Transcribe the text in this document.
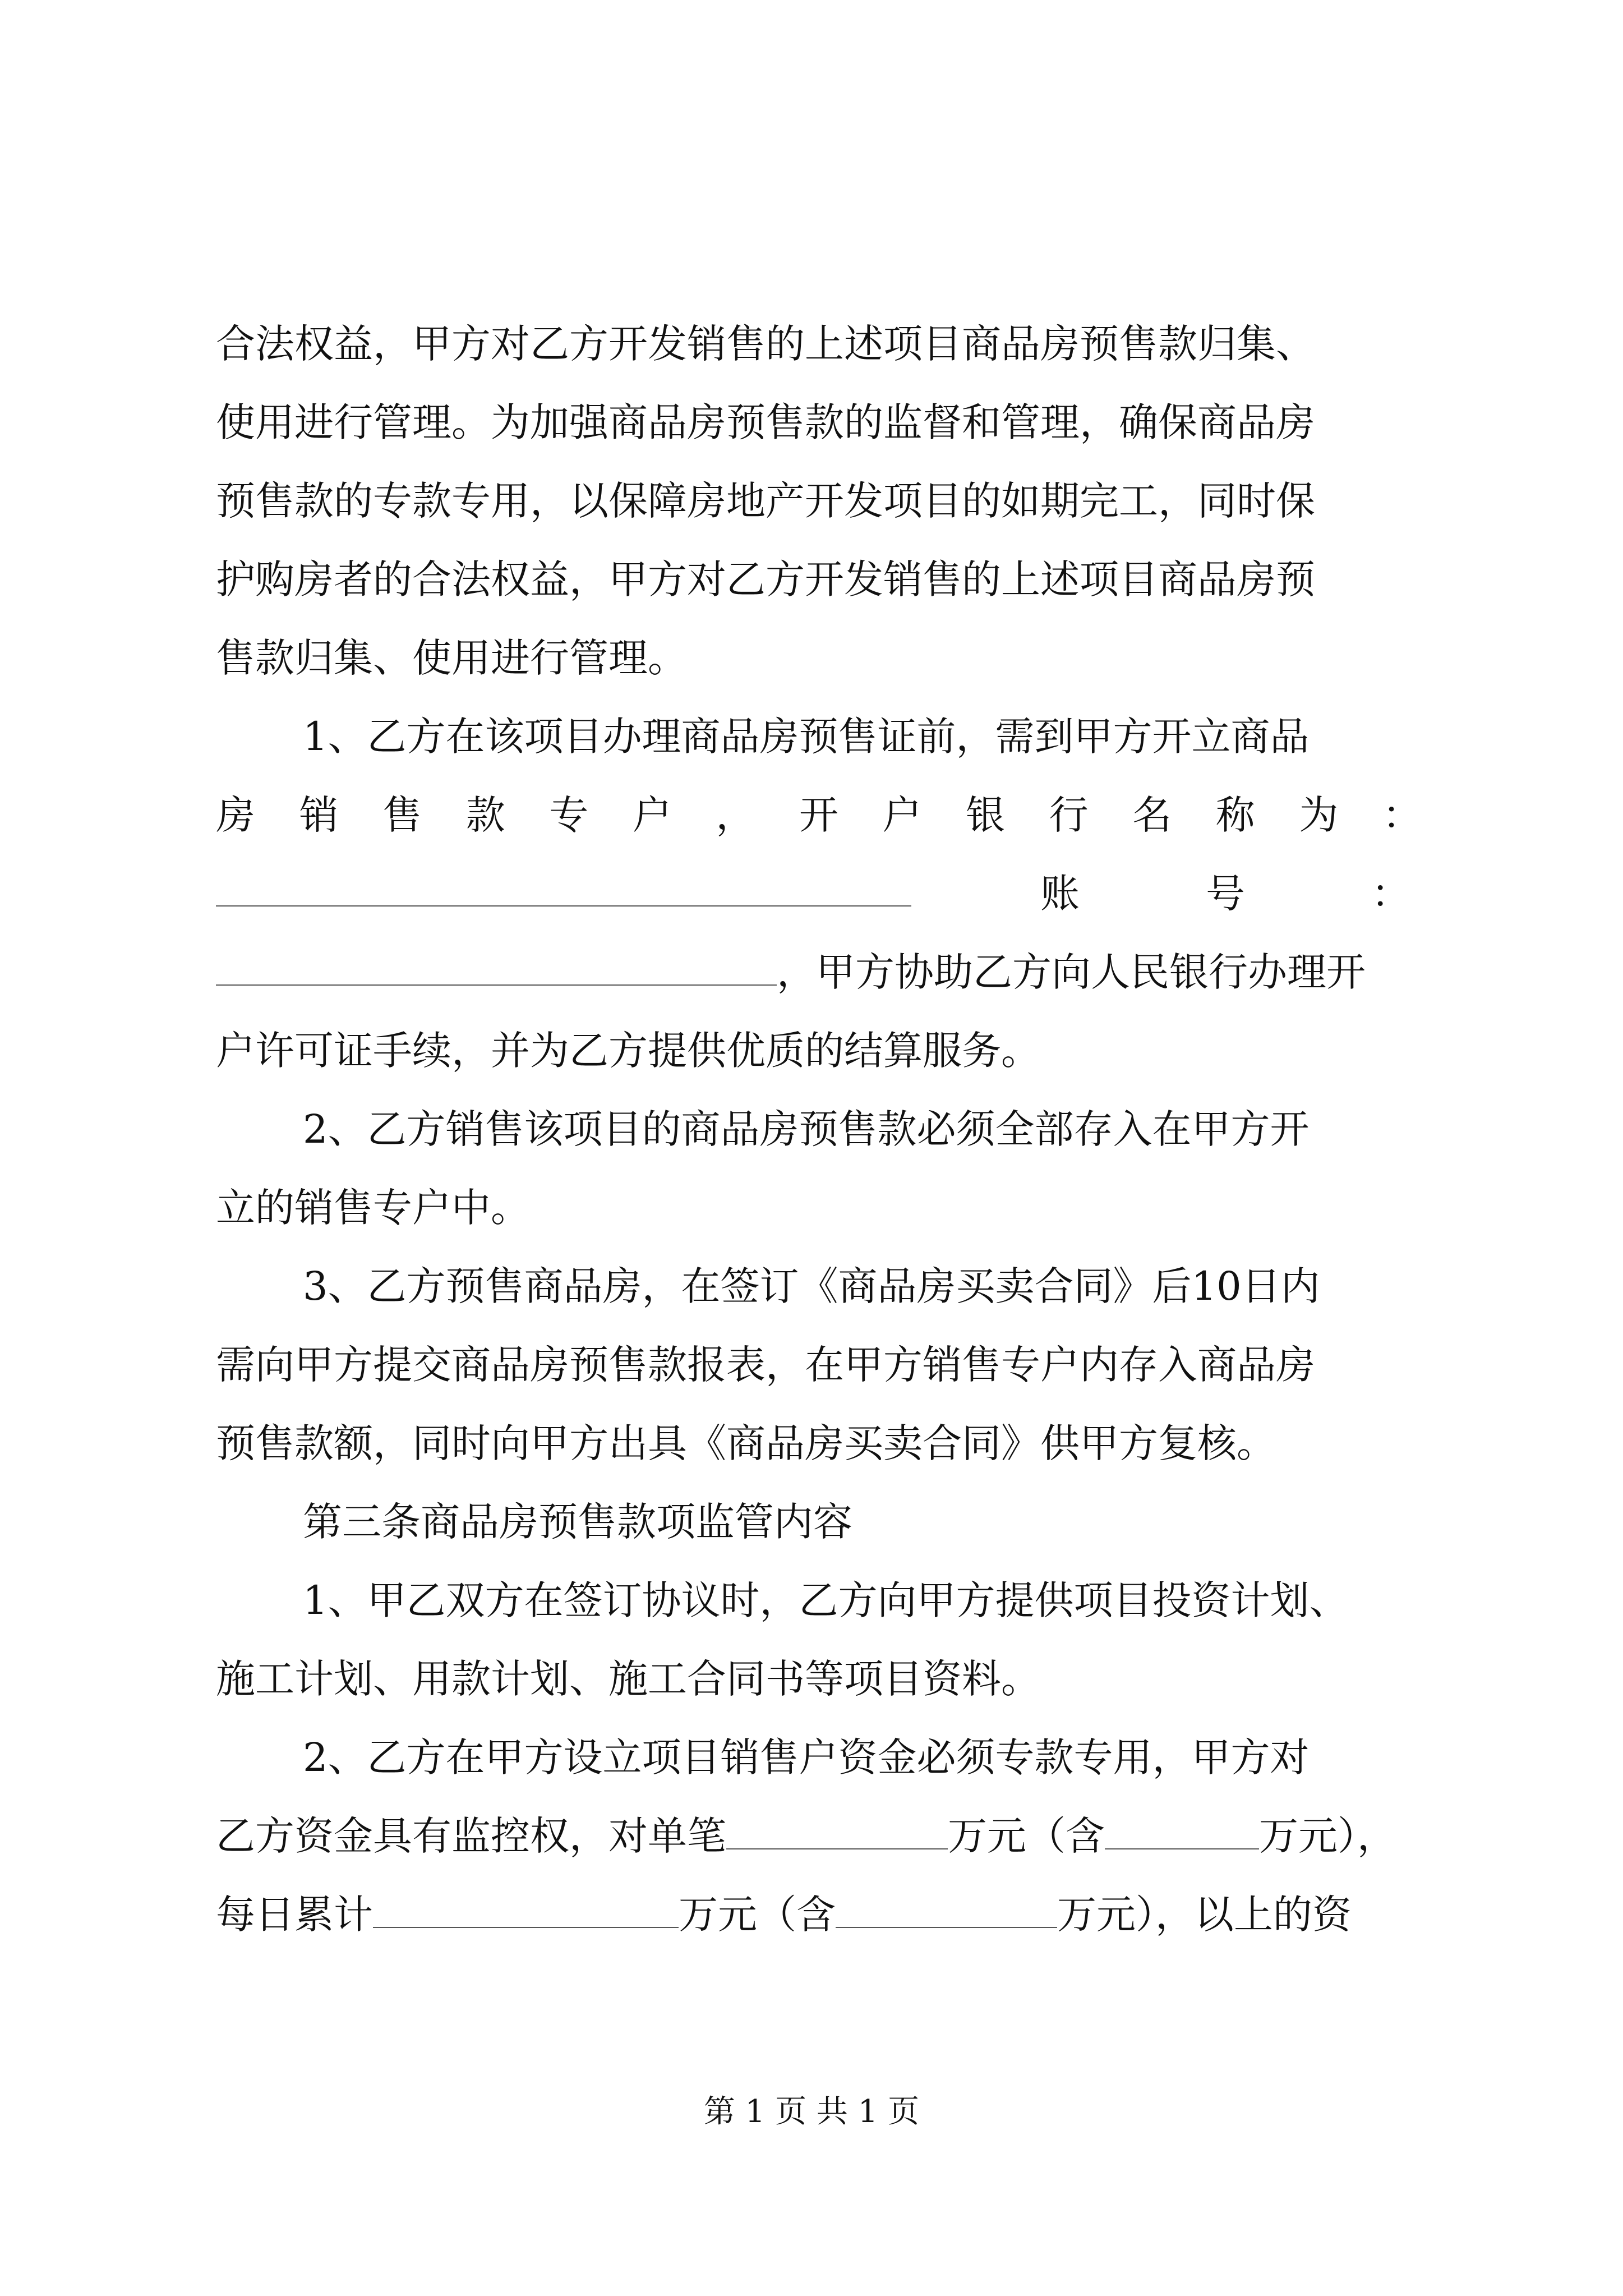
合法权益，甲方对乙方开发销售的上述项目商品房预售款归集、
使用进行管理。为加强商品房预售款的监督和管理，确保商品房
预售款的专款专用，以保障房地产开发项目的如期完工，同时保
护购房者的合法权益，甲方对乙方开发销售的上述项目商品房预
售款归集、使用进行管理。
1、乙方在该项目办理商品房预售证前，需到甲方开立商品
房 销 售 款 专 户 ， 开 户 银 行 名 称 为 ：
账	号	：
，甲方协助乙方向人民银行办理开
户许可证手续，并为乙方提供优质的结算服务。
2、乙方销售该项目的商品房预售款必须全部存入在甲方开
立的销售专户中。
3、乙方预售商品房，在签订《商品房买卖合同》后10日内
需向甲方提交商品房预售款报表，在甲方销售专户内存入商品房
预售款额，同时向甲方出具《商品房买卖合同》供甲方复核。
第三条商品房预售款项监管内容
1、甲乙双方在签订协议时，乙方向甲方提供项目投资计划、
施工计划、用款计划、施工合同书等项目资料。
2、乙方在甲方设立项目销售户资金必须专款专用，甲方对
乙方资金具有监控权，对单笔	万元（含	万元），
每日累计	万元（含	万元），以上的资
第 1 页 共 1 页
